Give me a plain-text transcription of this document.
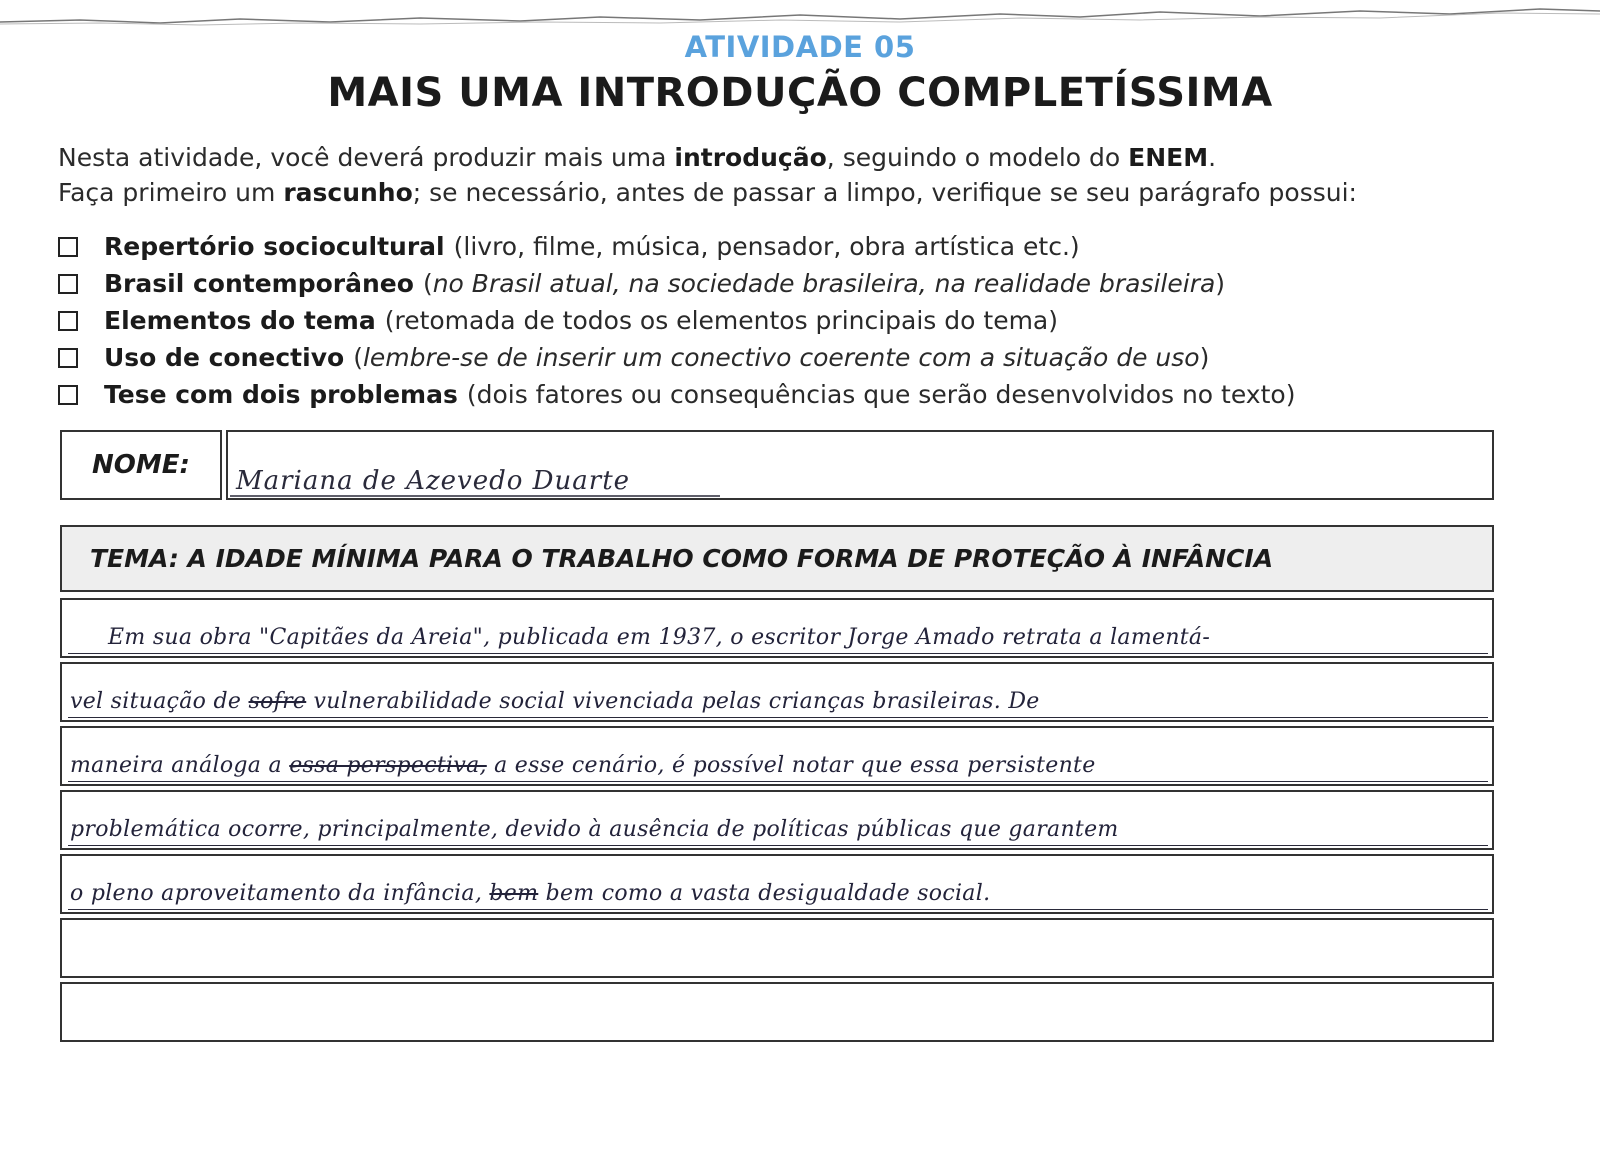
ATIVIDADE 05
MAIS UMA INTRODUÇÃO COMPLETÍSSIMA

Nesta atividade, você deverá produzir mais uma introdução, seguindo o modelo do ENEM.

Faça primeiro um rascunho; se necessário, antes de passar a limpo, verifique se seu parágrafo possui:

Repertório sociocultural (livro, filme, música, pensador, obra artística etc.)
Brasil contemporâneo ( no Brasil atual, na sociedade brasileira, na realidade brasileira )
Elementos do tema (retomada de todos os elementos principais do tema)
Uso de conectivo ( lembre-se de inserir um conectivo coerente com a situação de uso )
Tese com dois problemas (dois fatores ou consequências que serão desenvolvidos no texto)
NOME:
Mariana de Azevedo Duarte
TEMA: A IDADE MÍNIMA PARA O TRABALHO COMO FORMA DE PROTEÇÃO À INFÂNCIA
Em sua obra "Capitães da Areia", publicada em 1937, o escritor Jorge Amado retrata a lamentá-
vel situação de sofre vulnerabilidade social vivenciada pelas crianças brasileiras. De
maneira análoga a essa perspectiva, a esse cenário, é possível notar que essa persistente
problemática ocorre, principalmente, devido à ausência de políticas públicas que garantem
o pleno aproveitamento da infância, bem bem como a vasta desigualdade social.
